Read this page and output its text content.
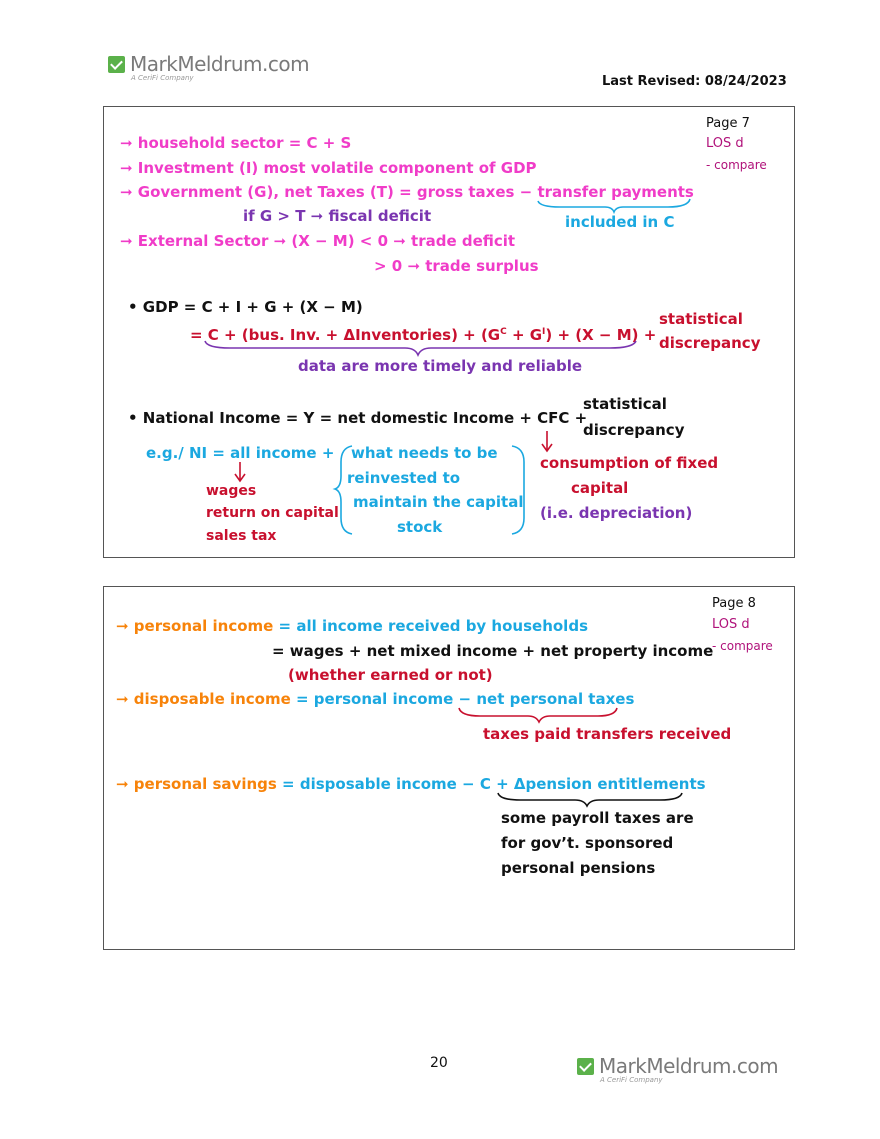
MarkMeldrum.com
A CeriFi Company	Last Revised: 08/24/2023
Page 7
LOS d
- compare
➞ household sector = C + S
➞ Investment (I) most volatile component of GDP
➞ Government (G), net Taxes (T) = gross taxes − transfer payments
included in C
if G > T ➞ fiscal deficit
➞ External Sector ➞ (X − M) < 0 ➞ trade deficit
> 0 ➞ trade surplus
• GDP = C + I + G + (X − M)
= C + (bus. Inv. + ΔInventories) + $(G^C + G^I) + (X - M)$ +
statistical
discrepancy
data are more timely and reliable
• National Income = Y = net domestic Income + CFC +
statistical
discrepancy
e.g./ NI = all income +
wages
return on capital
sales tax
what needs to be
reinvested to
maintain the capital
stock
consumption of fixed
capital
(i.e. depreciation)
Page 8
LOS d
- compare
➞ personal income = all income received by households
= wages + net mixed income + net property income
(whether earned or not)
➞ disposable income = personal income − net personal taxes
taxes paid transfers received
➞ personal savings = disposable income − C + Δpension entitlements
some payroll taxes are
for gov’t. sponsored
personal pensions
20	MarkMeldrum.com
A CeriFi Company
